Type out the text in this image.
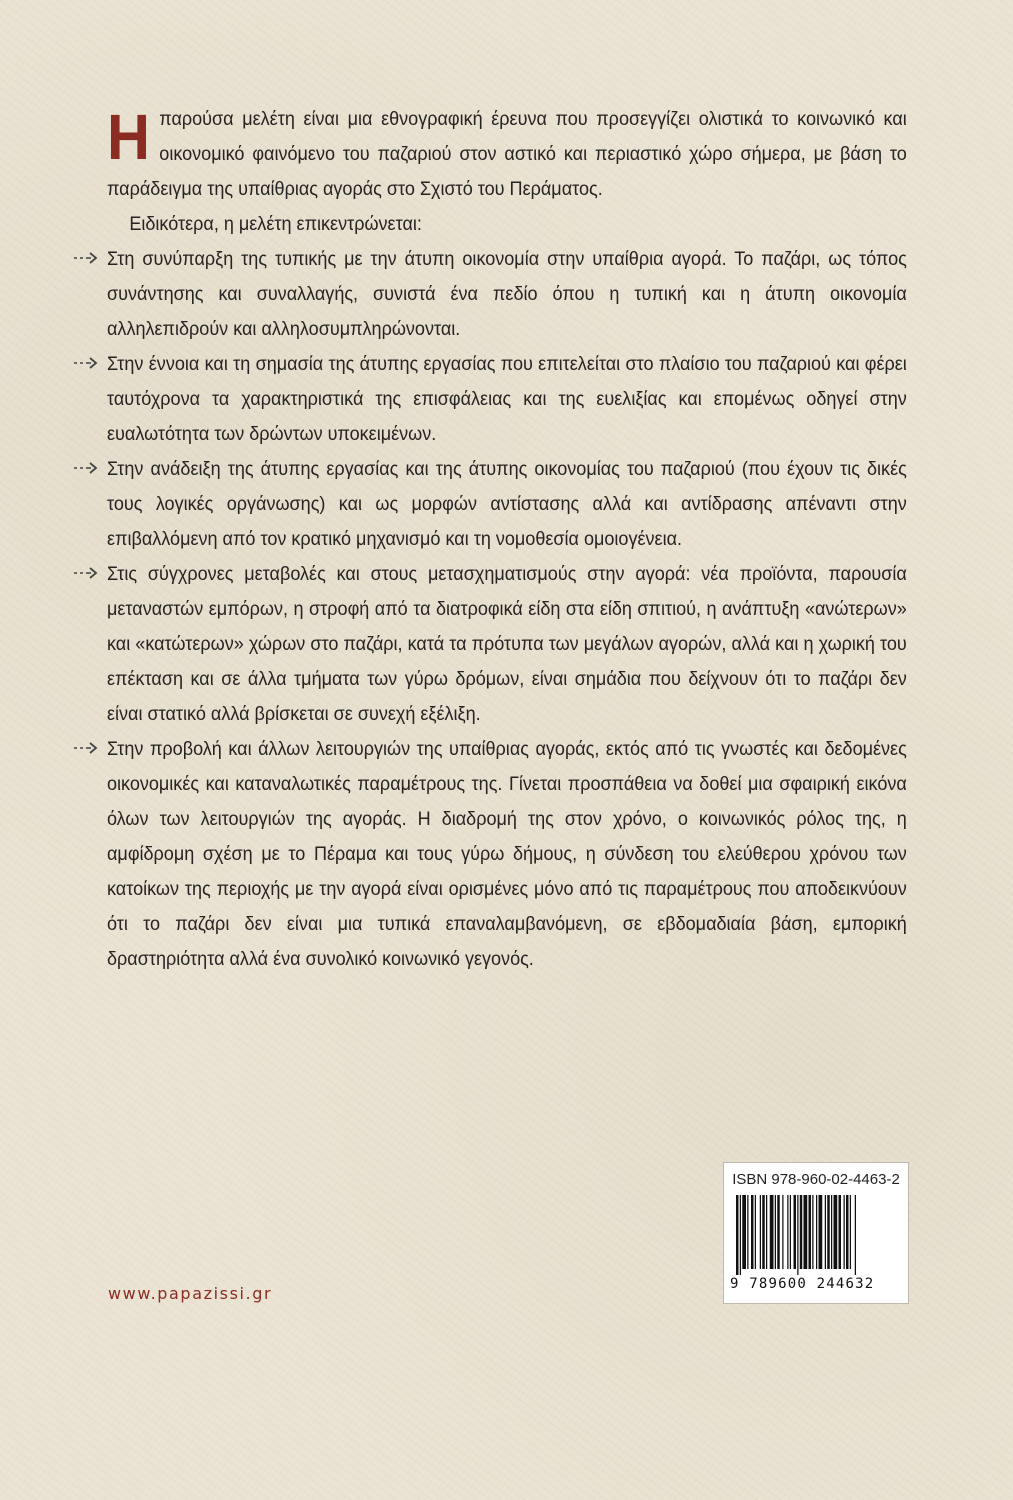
Ηπαρούσα μελέτη είναι μια εθνογραφική έρευνα που προσεγγίζει ολιστικά το κοινωνικό και οικονομικό φαινόμενο του παζαριού στον αστικό και περιαστικό χώρο σήμερα, με βάση το παράδειγμα της υπαίθριας αγοράς στο Σχιστό του Περάματος.

Ειδικότερα, η μελέτη επικεντρώνεται:

Στη συνύπαρξη της τυπικής με την άτυπη οικονομία στην υπαίθρια αγορά. Το παζάρι, ως τόπος συνάντησης και συναλλαγής, συνιστά ένα πεδίο όπου η τυπική και η άτυπη οικονομία αλληλεπιδρούν και αλληλοσυμπληρώνονται.

Στην έννοια και τη σημασία της άτυπης εργασίας που επιτελείται στο πλαίσιο του παζαριού και φέρει ταυτόχρονα τα χαρακτηριστικά της επισφάλειας και της ευελιξίας και επομένως οδηγεί στην ευαλωτότητα των δρώντων υποκειμένων.

Στην ανάδειξη της άτυπης εργασίας και της άτυπης οικονομίας του παζαριού (που έχουν τις δικές τους λογικές οργάνωσης) και ως μορφών αντίστασης αλλά και αντίδρασης απέναντι στην επιβαλλόμενη από τον κρατικό μηχανισμό και τη νομοθεσία ομοιογένεια.

Στις σύγχρονες μεταβολές και στους μετασχηματισμούς στην αγορά: νέα προϊόντα, παρουσία μεταναστών εμπόρων, η στροφή από τα διατροφικά είδη στα είδη σπιτιού, η ανάπτυξη «ανώτερων» και «κατώτερων» χώρων στο παζάρι, κατά τα πρότυπα των μεγάλων αγορών, αλλά και η χωρική του επέκταση και σε άλλα τμήματα των γύρω δρόμων, είναι σημάδια που δείχνουν ότι το παζάρι δεν είναι στατικό αλλά βρίσκεται σε συνεχή εξέλιξη.

Στην προβολή και άλλων λειτουργιών της υπαίθριας αγοράς, εκτός από τις γνωστές και δεδομένες οικονομικές και καταναλωτικές παραμέτρους της. Γίνεται προσπάθεια να δοθεί μια σφαιρική εικόνα όλων των λειτουργιών της αγοράς. Η διαδρομή της στον χρόνο, ο κοινωνικός ρόλος της, η αμφίδρομη σχέση με το Πέραμα και τους γύρω δήμους, η σύνδεση του ελεύθερου χρόνου των κατοίκων της περιοχής με την αγορά είναι ορισμένες μόνο από τις παραμέτρους που αποδεικνύουν ότι το παζάρι δεν είναι μια τυπικά επαναλαμβανόμενη, σε εβδομαδιαία βάση, εμπορική δραστηριότητα αλλά ένα συνολικό κοινωνικό γεγονός.

ISBN 978-960-02-4463-2
9 789600 244632
www.papazissi.gr
